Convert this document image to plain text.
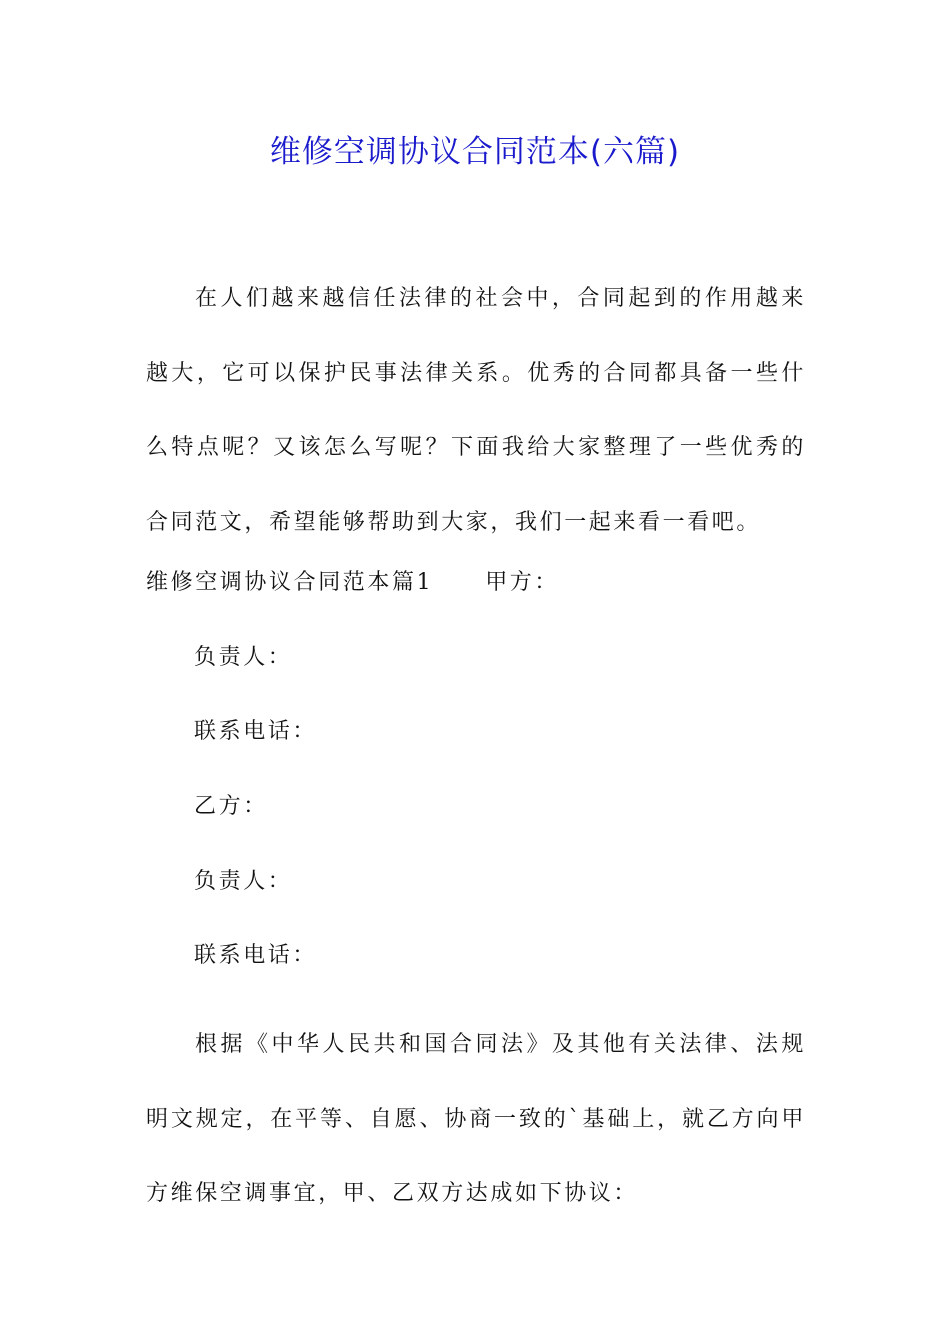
维修空调协议合同范本(六篇)
在人们越来越信任法律的社会中，合同起到的作用越来越大，它可以保护民事法律关系。优秀的合同都具备一些什么特点呢？又该怎么写呢？下面我给大家整理了一些优秀的合同范文，希望能够帮助到大家，我们一起来看一看吧。
维修空调协议合同范本篇1 甲方：
负责人：
联系电话：
乙方：
负责人：
联系电话：
根据《中华人民共和国合同法》及其他有关法律、法规明文规定，在平等、自愿、协商一致的`基础上，就乙方向甲方维保空调事宜，甲、乙双方达成如下协议：
